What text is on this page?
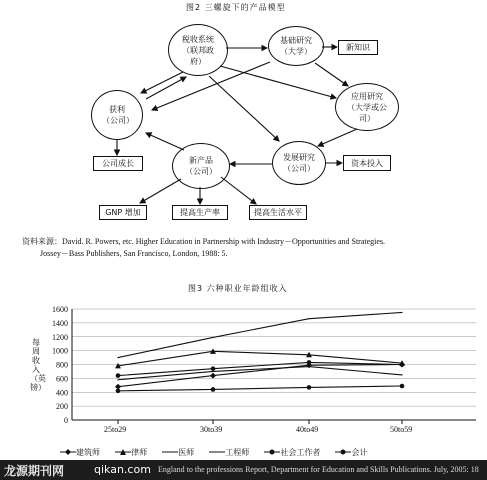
图2 三螺旋下的产品模型
税收系统（联邦政府）
基础研究（大学）
应用研究（大学或公司）
获利（公司）
发展研究（公司）
新产品（公司）
新知识
资本投入
公司成长
GNP 增加	提高生产率	提高生活水平
资料来源：David. R. Powers, etc. Higher Education in Partnership with Industry－Opportunities and Strategies.
Jossey－Bass Publishers, San Francisco, London, 1988: 5.
图3 六种职业年龄组收入
每周收入
（英镑）
0
200
400
600
800
1000
1200
1400
1600
25to29	30to39	40to49	50to59
建筑师
	律师
	医师
	工程师
	社会工作者
	会计
龙源期刊网	qikan.com England to the professions Report, Department for Education and Skills Publications. July, 2005: 18
